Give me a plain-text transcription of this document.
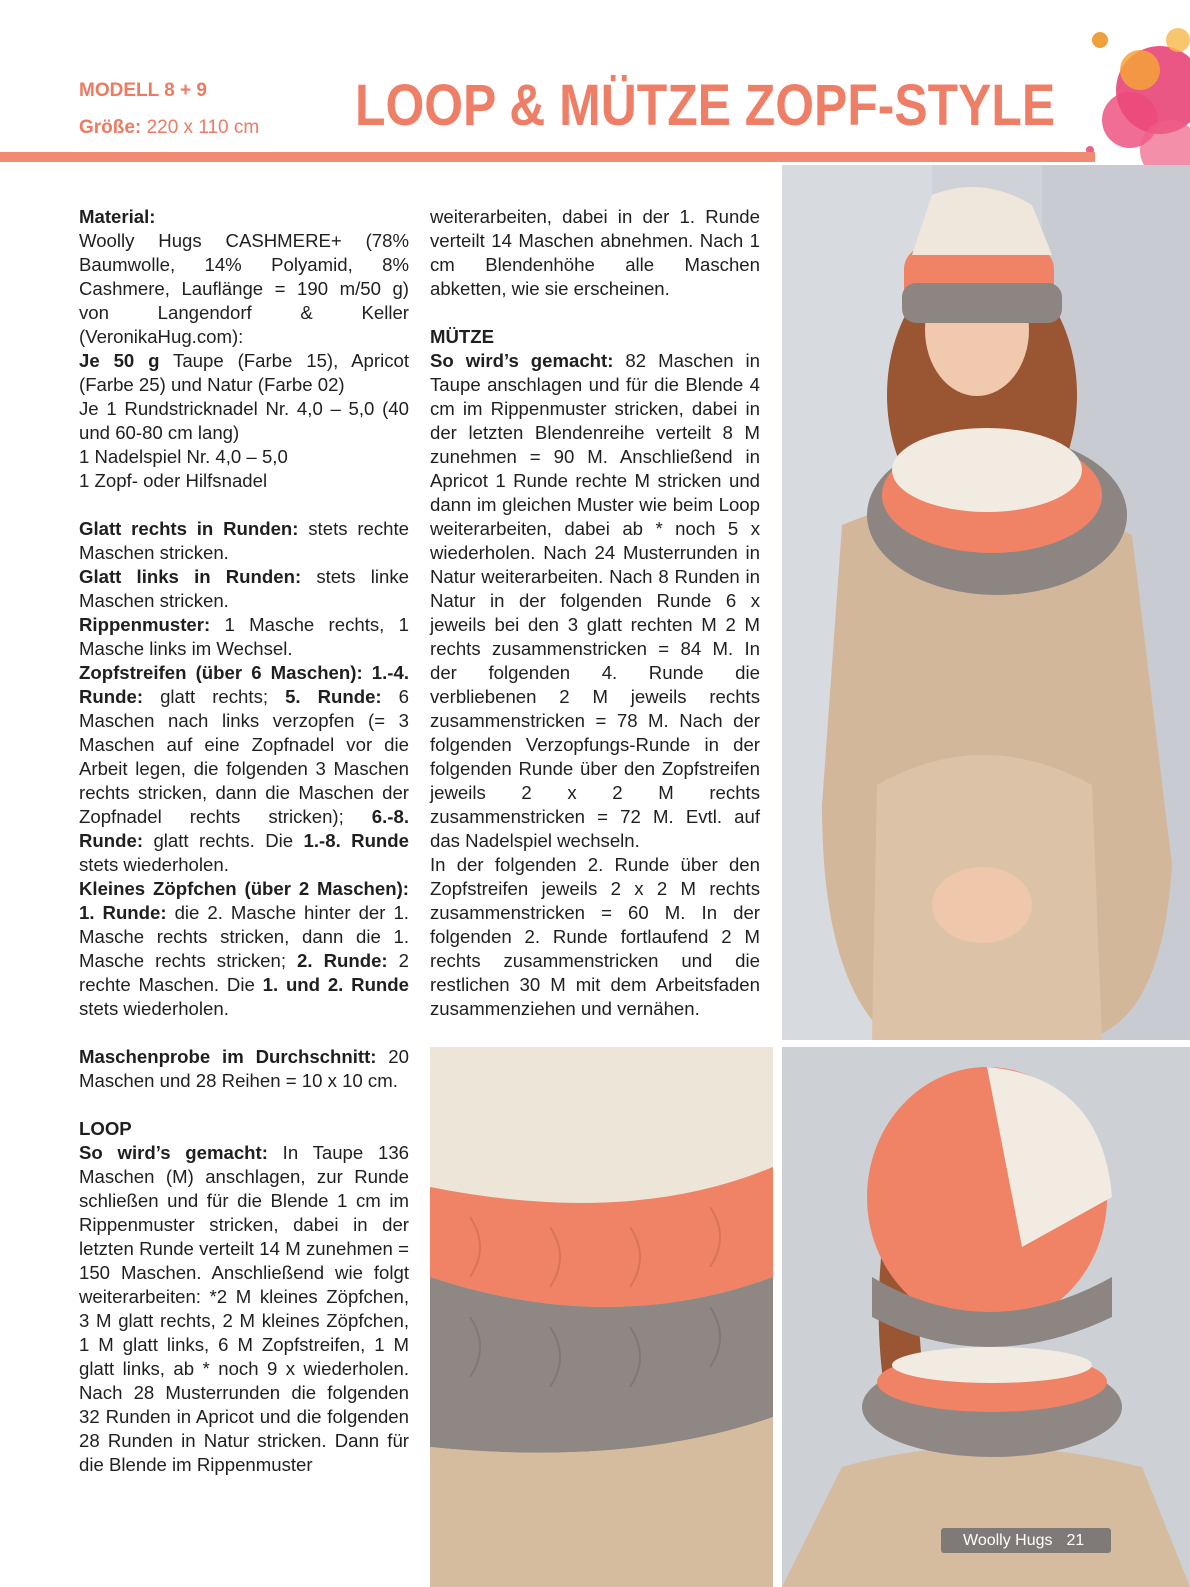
MODELL 8 + 9
Größe: 220 x 110 cm LOOP & MÜTZE ZOPF-STYLE
Material:
Woolly Hugs CASHMERE+ (78% Baumwolle, 14% Polyamid, 8% Cashmere, Lauflänge = 190 m/50 g) von Langendorf & Keller (VeronikaHug.com):
Je 50 g Taupe (Farbe 15), Apricot (Farbe 25) und Natur (Farbe 02)
Je 1 Rundstricknadel Nr. 4,0 – 5,0 (40 und 60-80 cm lang)
1 Nadelspiel Nr. 4,0 – 5,0
1 Zopf- oder Hilfsnadel
Glatt rechts in Runden: stets rechte Maschen stricken.
Glatt links in Runden: stets linke Maschen stricken.
Rippenmuster: 1 Masche rechts, 1 Masche links im Wechsel.
Zopfstreifen (über 6 Maschen): 1.-4. Runde: glatt rechts; 5. Runde: 6 Maschen nach links verzopfen (= 3 Maschen auf eine Zopfnadel vor die Arbeit legen, die folgenden 3 Maschen rechts stricken, dann die Maschen der Zopfnadel rechts stricken); 6.-8. Runde: glatt rechts. Die 1.-8. Runde stets wiederholen.
Kleines Zöpfchen (über 2 Maschen): 1. Runde: die 2. Masche hinter der 1. Masche rechts stricken, dann die 1. Masche rechts stricken; 2. Runde: 2 rechte Maschen. Die 1. und 2. Runde stets wiederholen.
Maschenprobe im Durchschnitt: 20 Maschen und 28 Reihen = 10 x 10 cm.
LOOP
So wird’s gemacht: In Taupe 136 Maschen (M) anschlagen, zur Runde schließen und für die Blende 1 cm im Rippenmuster stricken, dabei in der letzten Runde verteilt 14 M zunehmen = 150 Maschen. Anschließend wie folgt weiterarbeiten: *2 M kleines Zöpfchen, 3 M glatt rechts, 2 M kleines Zöpfchen, 1 M glatt links, 6 M Zopfstreifen, 1 M glatt links, ab * noch 9 x wiederholen. Nach 28 Musterrunden die folgenden 32 Runden in Apricot und die folgenden 28 Runden in Natur stricken. Dann für die Blende im Rippenmuster
weiterarbeiten, dabei in der 1. Runde verteilt 14 Maschen abnehmen. Nach 1 cm Blendenhöhe alle Maschen abketten, wie sie erscheinen.
MÜTZE
So wird’s gemacht: 82 Maschen in Taupe anschlagen und für die Blende 4 cm im Rippenmuster stricken, dabei in der letzten Blendenreihe verteilt 8 M zunehmen = 90 M. Anschließend in Apricot 1 Runde rechte M stricken und dann im gleichen Muster wie beim Loop weiterarbeiten, dabei ab * noch 5 x wiederholen. Nach 24 Musterrunden in Natur weiterarbeiten. Nach 8 Runden in Natur in der folgenden Runde 6 x jeweils bei den 3 glatt rechten M 2 M rechts zusammenstricken = 84 M. In der folgenden 4. Runde die verbliebenen 2 M jeweils rechts zusammenstricken = 78 M. Nach der folgenden Verzopfungs-Runde in der folgenden Runde über den Zopfstreifen jeweils 2 x 2 M rechts zusammenstricken = 72 M. Evtl. auf das Nadelspiel wechseln.
In der folgenden 2. Runde über den Zopfstreifen jeweils 2 x 2 M rechts zusammenstricken = 60 M. In der folgenden 2. Runde fortlaufend 2 M rechts zusammenstricken und die restlichen 30 M mit dem Arbeitsfaden zusammenziehen und vernähen.
Woolly Hugs 21
